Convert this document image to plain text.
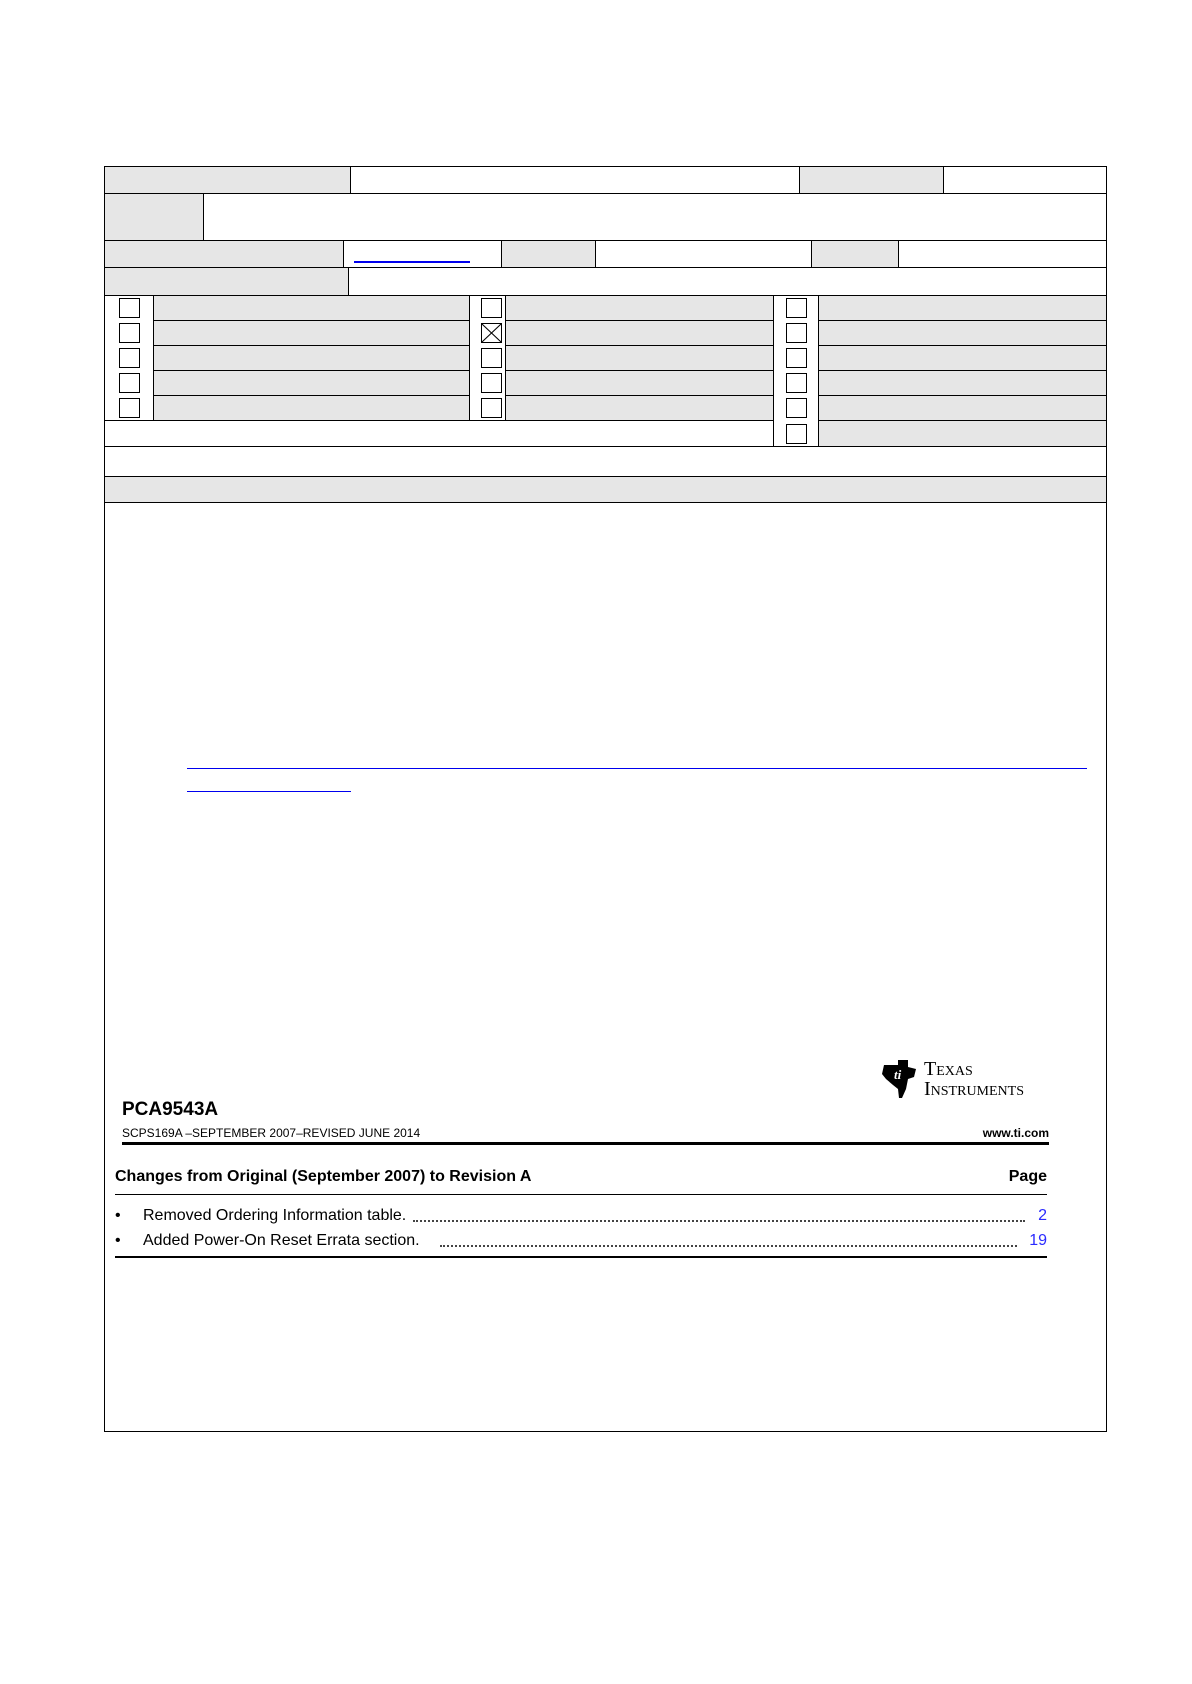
ti Texas
Instruments
PCA9543A
SCPS169A –SEPTEMBER 2007–REVISED JUNE 2014	www.ti.com
Changes from Original (September 2007) to Revision A	Page
• Removed Ordering Information table.	2
• Added Power-On Reset Errata section.	19
